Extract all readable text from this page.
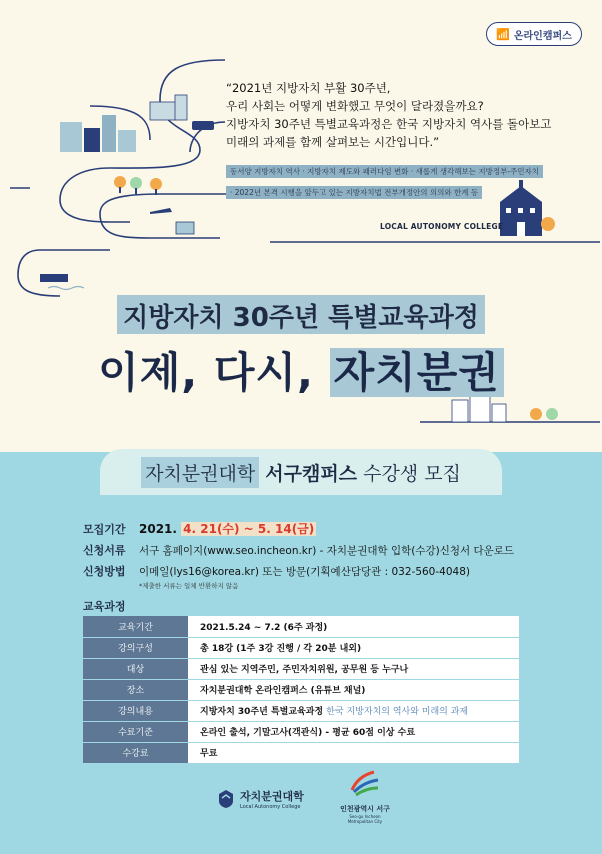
📶 온라인캠퍼스
“2021년 지방자치 부활 30주년,
우리 사회는 어떻게 변화했고 무엇이 달라졌을까요?
지방자치 30주년 특별교육과정은 한국 지방자치 역사를 돌아보고
미래의 과제를 함께 살펴보는 시간입니다.”
동서양 지방자치 역사 · 지방자치 제도와 패러다임 변화 · 새롭게 생각해보는 지방정부-주민자치
· 2022년 본격 시행을 앞두고 있는 지방자치법 전부개정안의 의의와 한계 등
LOCAL AUTONOMY COLLEGE
지방자치 30주년 특별교육과정
이제, 다시, 자치분권
자치분권대학
서구캠퍼스
수강생 모집
모집기간	2021. 4. 21(수) ~ 5. 14(금)
신청서류	서구 홈페이지(www.seo.incheon.kr) - 자치분권대학 입학(수강)신청서 다운로드
신청방법	이메일(lys16@korea.kr) 또는 방문(기획예산담당관 : 032-560-4048)
*제출한 서류는 일체 반환하지 않음
교육과정
교육기간	2021.5.24 ~ 7.2 (6주 과정)
강의구성	총 18강 (1주 3강 진행 / 각 20분 내외)
대상	관심 있는 지역주민, 주민자치위원, 공무원 등 누구나
장소	자치분권대학 온라인캠퍼스 (유튜브 채널)
강의내용	지방자치 30주년 특별교육과정 한국 지방자치의 역사와 미래의 과제
수료기준	온라인 출석, 기말고사(객관식) - 평균 60점 이상 수료
수강료	무료
자치분권대학
Local Autonomy College	인천광역시 서구
Seo-gu Incheon Metropolitan City
